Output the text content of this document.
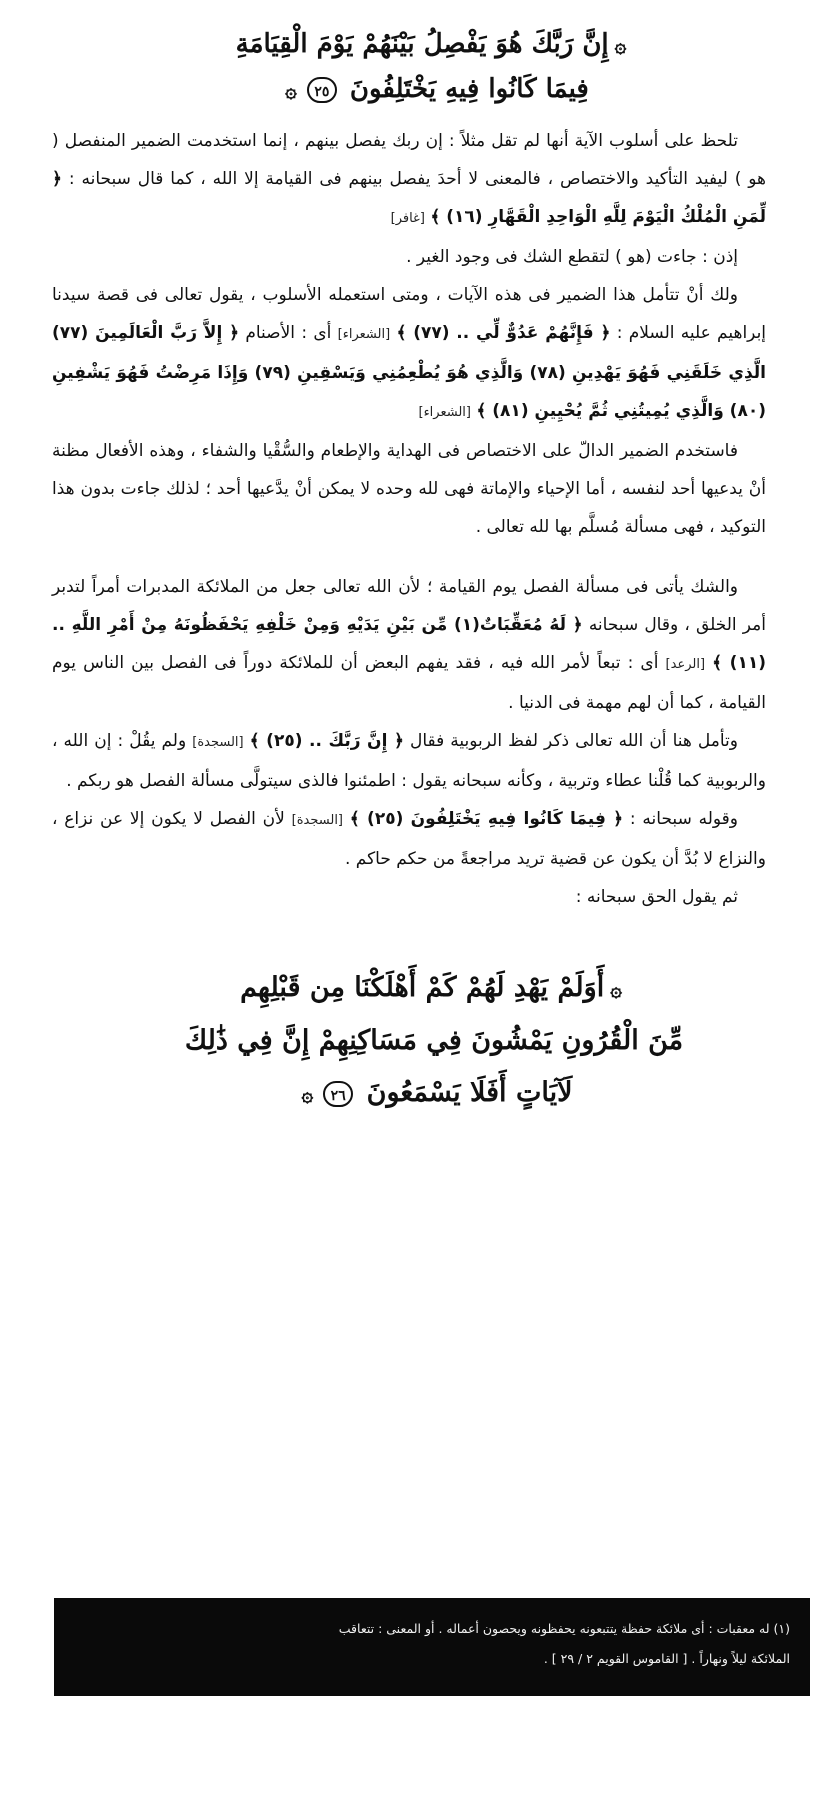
۞إِنَّ رَبَّكَ هُوَ يَفْصِلُ بَيْنَهُمْ يَوْمَ الْقِيَامَةِ
فِيمَا كَانُوا فِيهِ يَخْتَلِفُونَ ٢٥۞

تلحظ على أسلوب الآية أنها لم تقل مثلاً : إن ربك يفصل بينهم ، إنما استخدمت الضمير المنفصل ( هو ) ليفيد التأكيد والاختصاص ، فالمعنى لا أحدَ يفصل بينهم فى القيامة إلا الله ، كما قال سبحانه : ﴿ لِّمَنِ الْمُلْكُ الْيَوْمَ لِلَّهِ الْوَاحِدِ الْقَهَّارِ (١٦) ﴾ [غافر]

إذن : جاءت (هو ) لتقطع الشك فى وجود الغير .

ولك أنْ تتأمل هذا الضمير فى هذه الآيات ، ومتى استعمله الأسلوب ، يقول تعالى فى قصة سيدنا إبراهيم عليه السلام : ﴿ فَإِنَّهُمْ عَدُوٌّ لِّي .. (٧٧) ﴾ [الشعراء] أى : الأصنام ﴿ إِلاَّ رَبَّ الْعَالَمِينَ (٧٧) الَّذِي خَلَقَنِي فَهُوَ يَهْدِينِ (٧٨) وَالَّذِي هُوَ يُطْعِمُنِي وَيَسْقِينِ (٧٩) وَإِذَا مَرِضْتُ فَهُوَ يَشْفِينِ (٨٠) وَالَّذِي يُمِيتُنِي ثُمَّ يُحْيِينِ (٨١) ﴾ [الشعراء]

فاستخدم الضمير الدالّ على الاختصاص فى الهداية والإطعام والسُّقْيا والشفاء ، وهذه الأفعال مظنة أنْ يدعيها أحد لنفسه ، أما الإحياء والإماتة فهى لله وحده لا يمكن أنْ يدَّعيها أحد ؛ لذلك جاءت بدون هذا التوكيد ، فهى مسألة مُسلَّم بها لله تعالى .

والشك يأتى فى مسألة الفصل يوم القيامة ؛ لأن الله تعالى جعل من الملائكة المدبرات أمراً لتدبر أمر الخلق ، وقال سبحانه ﴿ لَهُ مُعَقِّبَاتٌ(١) مِّن بَيْنِ يَدَيْهِ وَمِنْ خَلْفِهِ يَحْفَظُونَهُ مِنْ أَمْرِ اللَّهِ .. (١١) ﴾ [الرعد] أى : تبعاً لأمر الله فيه ، فقد يفهم البعض أن للملائكة دوراً فى الفصل بين الناس يوم القيامة ، كما أن لهم مهمة فى الدنيا .

وتأمل هنا أن الله تعالى ذكر لفظ الربوبية فقال ﴿ إِنَّ رَبَّكَ .. (٢٥) ﴾ [السجدة] ولم يقُلْ : إن الله ، والربوبية كما قُلْنا عطاء وتربية ، وكأنه سبحانه يقول : اطمئنوا فالذى سيتولَّى مسألة الفصل هو ربكم .

وقوله سبحانه : ﴿ فِيمَا كَانُوا فِيهِ يَخْتَلِفُونَ (٢٥) ﴾ [السجدة] لأن الفصل لا يكون إلا عن نزاع ، والنزاع لا بُدَّ أن يكون عن قضية تريد مراجعةً من حكم حاكم .

ثم يقول الحق سبحانه :

۞أَوَلَمْ يَهْدِ لَهُمْ كَمْ أَهْلَكْنَا مِن قَبْلِهِم
مِّنَ الْقُرُونِ يَمْشُونَ فِي مَسَاكِنِهِمْ إِنَّ فِي ذَٰلِكَ
لَآيَاتٍ أَفَلَا يَسْمَعُونَ ٢٦۞
(١) له معقبات : أى ملائكة حفظة يتتبعونه يحفظونه ويحصون أعماله . أو المعنى : تتعاقب
الملائكة ليلاً ونهاراً . [ القاموس القويم ٢ / ٢٩ ] .
